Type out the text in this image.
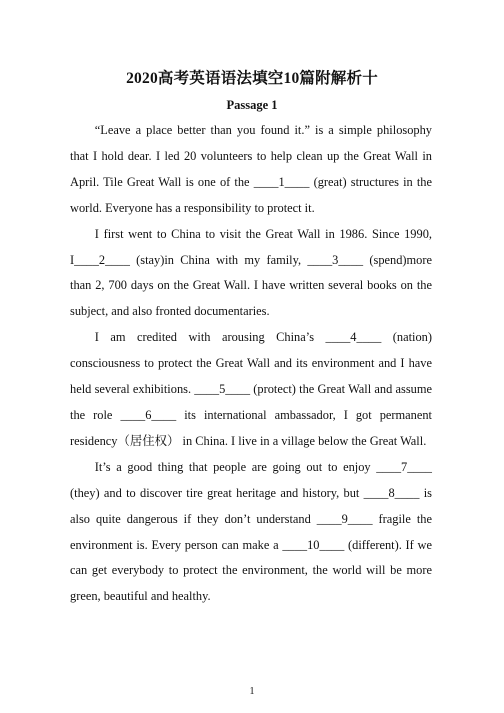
2020高考英语语法填空10篇附解析十
Passage 1

“Leave a place better than you found it.” is a simple philosophy that I hold dear. I led 20 volunteers to help clean up the Great Wall in April. Tile Great Wall is one of the ____1____ (great) structures in the world. Everyone has a responsibility to protect it.

I first went to China to visit the Great Wall in 1986. Since 1990, I____2____ (stay)in China with my family, ____3____ (spend)more than 2, 700 days on the Great Wall. I have written several books on the subject, and also fronted documentaries.

I am credited with arousing China’s ____4____ (nation) consciousness to protect the Great Wall and its environment and I have held several exhibitions. ____5____ (protect) the Great Wall and assume the role ____6____ its international ambassador, I got permanent residency（居住权） in China. I live in a village below the Great Wall.

It’s a good thing that people are going out to enjoy ____7____ (they) and to discover tire great heritage and history, but ____8____ is also quite dangerous if they don’t understand ____9____ fragile the environment is. Every person can make a ____10____ (different). If we can get everybody to protect the environment, the world will be more green, beautiful and healthy.

1
